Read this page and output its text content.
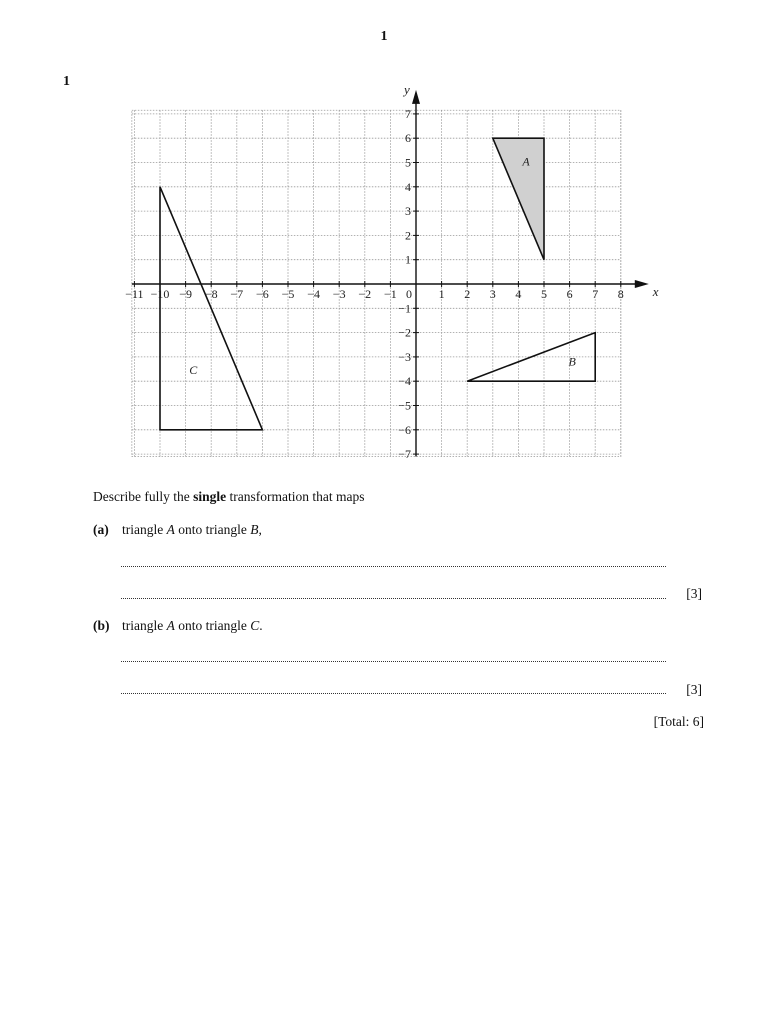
1
1
A
B
C
x
y
−11 −10 −9 −8 −7 −6 −5 −4 −3 −2 −1 0 1 2 3 4 5 6 7 8
7
6
5
4
3
2
1
−1
−2
−3
−4
−5
−6
−7
Describe fully the single transformation that maps
(a) triangle A onto triangle B,
[3]
(b) triangle A onto triangle C.
[3]
[Total: 6]
